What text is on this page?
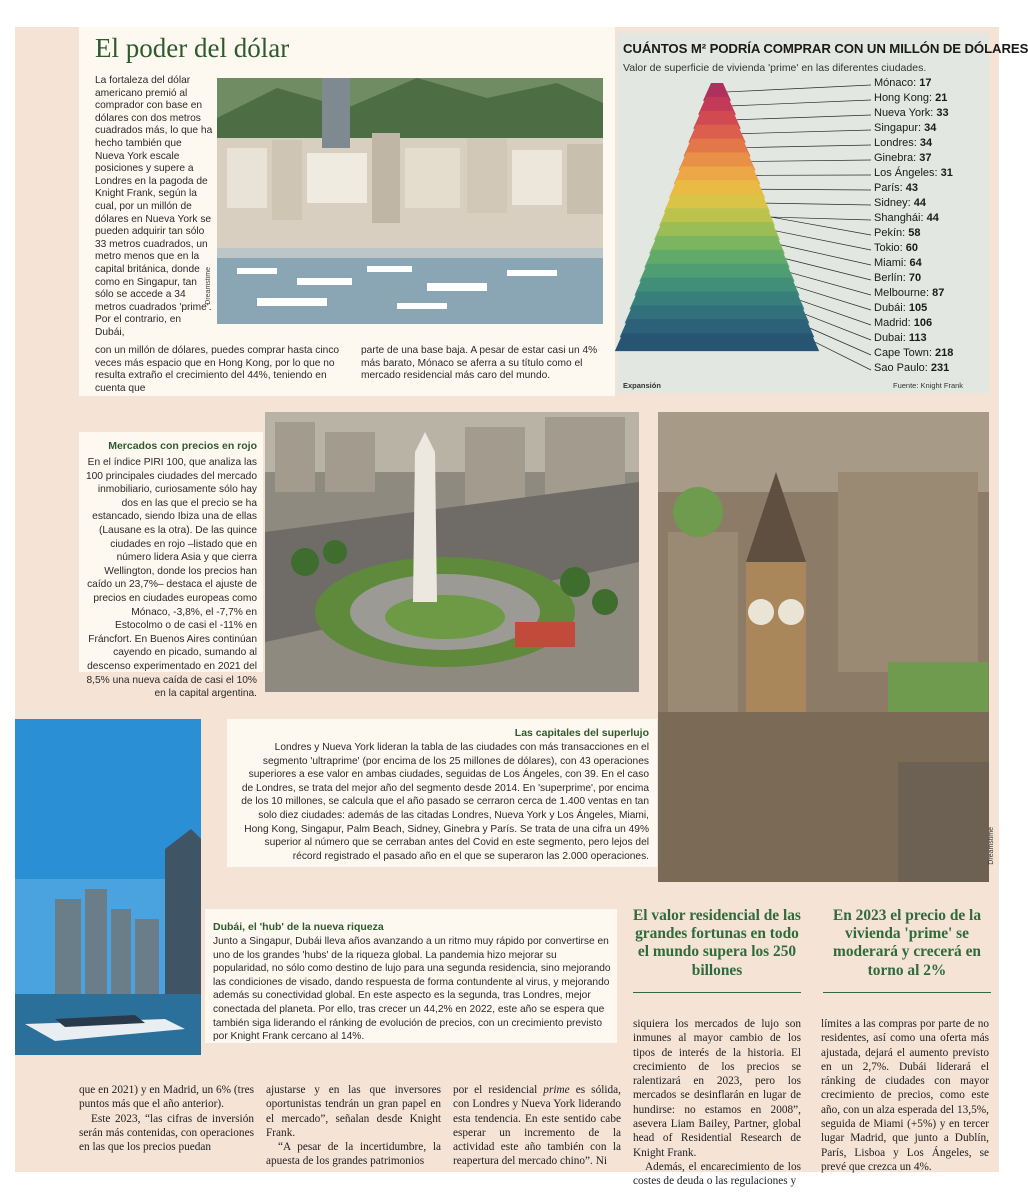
El poder del dólar
La fortaleza del dólar americano premió al comprador con base en dólares con dos metros cuadrados más, lo que ha hecho también que Nueva York escale posiciones y supere a Londres en la pagoda de Knight Frank, según la cual, por un millón de dólares en Nueva York se pueden adquirir tan sólo 33 metros cuadrados, un metro menos que en la capital británica, donde como en Singapur, tan sólo se accede a 34 metros cuadrados 'prime'. Por el contrario, en Dubái,
Dreamstime
con un millón de dólares, puedes comprar hasta cinco veces más espacio que en Hong Kong, por lo que no resulta extraño el crecimiento del 44%, teniendo en cuenta que
parte de una base baja. A pesar de estar casi un 4% más barato, Mónaco se aferra a su título como el mercado residencial más caro del mundo.
CUÁNTOS M² PODRÍA COMPRAR CON UN MILLÓN DE DÓLARES
Valor de superficie de vivienda 'prime' en las diferentes ciudades.
Mónaco: 17
Hong Kong: 21
Nueva York: 33
Singapur: 34
Londres: 34
Ginebra: 37
Los Ángeles: 31
París: 43
Sidney: 44
Shanghái: 44
Pekín: 58
Tokio: 60
Miami: 64
Berlín: 70
Melbourne: 87
Dubái: 105
Madrid: 106
Dubai: 113
Cape Town: 218
Sao Paulo: 231
Expansión	Fuente: Knight Frank
Dreamstime
Mercados con precios en rojo
En el índice PIRI 100, que analiza las 100 principales ciudades del mercado inmobiliario, curiosamente sólo hay dos en las que el precio se ha estancado, siendo Ibiza una de ellas (Lausane es la otra). De las quince ciudades en rojo –listado que en número lidera Asia y que cierra Wellington, donde los precios han caído un 23,7%– destaca el ajuste de precios en ciudades europeas como Mónaco, -3,8%, el -7,7% en Estocolmo o de casi el -11% en Fráncfort. En Buenos Aires continúan cayendo en picado, sumando al descenso experimentado en 2021 del 8,5% una nueva caída de casi el 10% en la capital argentina.
Las capitales del superlujo
Londres y Nueva York lideran la tabla de las ciudades con más transacciones en el segmento 'ultraprime' (por encima de los 25 millones de dólares), con 43 operaciones superiores a ese valor en ambas ciudades, seguidas de Los Ángeles, con 39. En el caso de Londres, se trata del mejor año del segmento desde 2014. En 'superprime', por encima de los 10 millones, se calcula que el año pasado se cerraron cerca de 1.400 ventas en tan solo diez ciudades: además de las citadas Londres, Nueva York y Los Ángeles, Miami, Hong Kong, Singapur, Palm Beach, Sidney, Ginebra y París. Se trata de una cifra un 49% superior al número que se cerraban antes del Covid en este segmento, pero lejos del récord registrado el pasado año en el que se superaron las 2.000 operaciones.
Dubái, el 'hub' de la nueva riqueza
Junto a Singapur, Dubái lleva años avanzando a un ritmo muy rápido por convertirse en uno de los grandes 'hubs' de la riqueza global. La pandemia hizo mejorar su popularidad, no sólo como destino de lujo para una segunda residencia, sino mejorando las condiciones de visado, dando respuesta de forma contundente al virus, y mejorando además su conectividad global. En este aspecto es la segunda, tras Londres, mejor conectada del planeta. Por ello, tras crecer un 44,2% en 2022, este año se espera que también siga liderando el ránking de evolución de precios, con un crecimiento previsto por Knight Frank cercano al 14%.
El valor residencial de las grandes fortunas en todo el mundo supera los 250 billones
En 2023 el precio de la vivienda 'prime' se moderará y crecerá en torno al 2%

que en 2021) y en Madrid, un 6% (tres puntos más que el año anterior).

Este 2023, “las cifras de inversión serán más contenidas, con operaciones en las que los precios puedan

ajustarse y en las que inversores oportunistas tendrán un gran papel en el mercado”, señalan desde Knight Frank.

“A pesar de la incertidumbre, la apuesta de los grandes patrimonios

por el residencial prime es sólida, con Londres y Nueva York liderando esta tendencia. En este sentido cabe esperar un incremento de la actividad este año también con la reapertura del mercado chino”. Ni

siquiera los mercados de lujo son inmunes al mayor cambio de los tipos de interés de la historia. El crecimiento de los precios se ralentizará en 2023, pero los mercados se desinflarán en lugar de hundirse: no estamos en 2008”, asevera Liam Bailey, Partner, global head of Residential Research de Knight Frank.

Además, el encarecimiento de los costes de deuda o las regulaciones y

límites a las compras por parte de no residentes, así como una oferta más ajustada, dejará el aumento previsto en un 2,7%. Dubái liderará el ránking de ciudades con mayor crecimiento de precios, como este año, con un alza esperada del 13,5%, seguida de Miami (+5%) y en tercer lugar Madrid, que junto a Dublín, París, Lisboa y Los Ángeles, se prevé que crezca un 4%.
